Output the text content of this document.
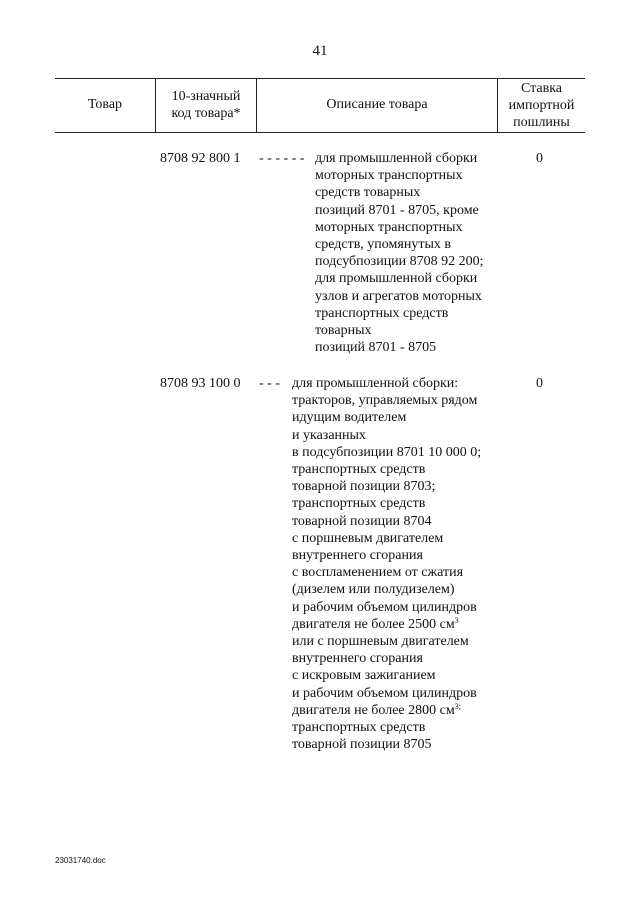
41
Товар
10-значный
код товара*
Описание товара
Ставка
импортной
пошлины
8708 92 800 1 - - - - - - для промышленной сборки
моторных транспортных
средств товарных
позиций 8701 - 8705, кроме
моторных транспортных
средств, упомянутых в
подсубпозиции 8708 92 200;
для промышленной сборки
узлов и агрегатов моторных
транспортных средств
товарных
позиций 8701 - 8705
0
8708 93 100 0 - - - для промышленной сборки:
тракторов, управляемых рядом
идущим водителем
и указанных
в подсубпозиции 8701 10 000 0;
транспортных средств
товарной позиции 8703;
транспортных средств
товарной позиции 8704
с поршневым двигателем
внутреннего сгорания
с воспламенением от сжатия
(дизелем или полудизелем)
и рабочим объемом цилиндров
двигателя не более 2500 $см^3$
или с поршневым двигателем
внутреннего сгорания
с искровым зажиганием
и рабочим объемом цилиндров
двигателя не более 2800 $см^{3;}$
транспортных средств
товарной позиции 8705
0
23031740.doc
